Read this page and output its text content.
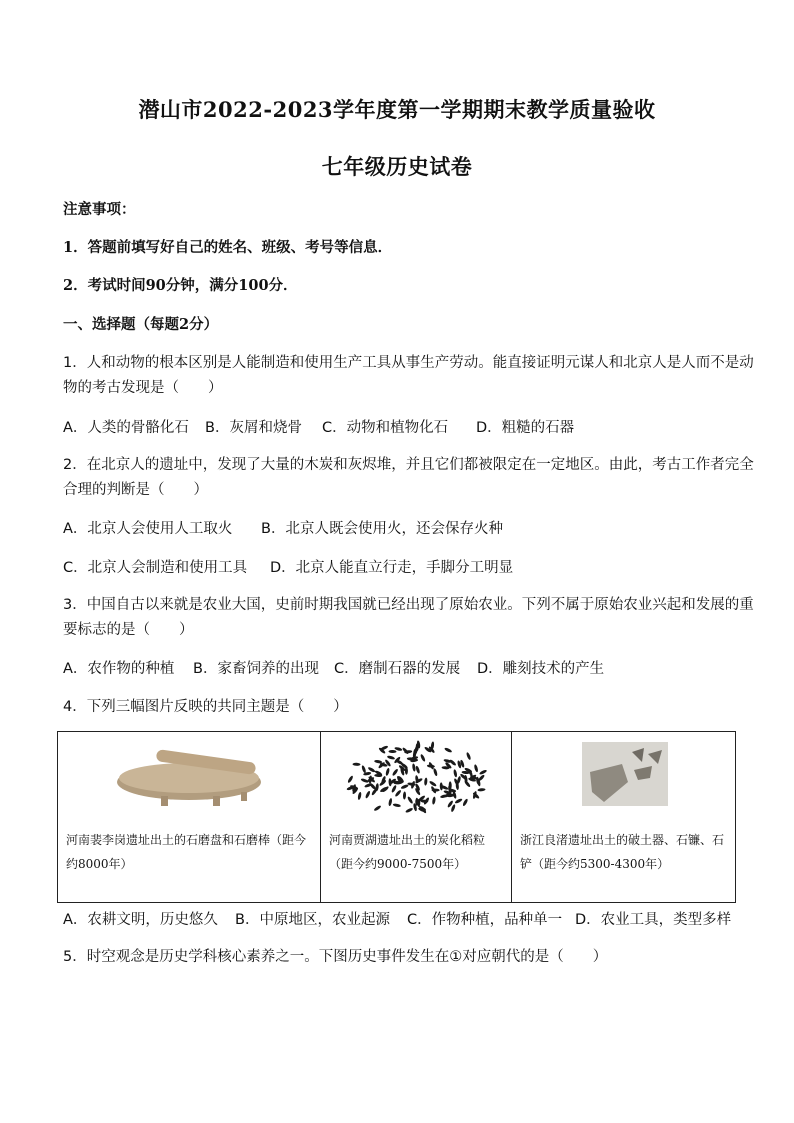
潜山市2022-2023学年度第一学期期末教学质量验收
七年级历史试卷
注意事项：
1．答题前填写好自己的姓名、班级、考号等信息．
2．考试时间90分钟，满分100分．
一、选择题（每题2分）
1．人和动物的根本区别是人能制造和使用生产工具从事生产劳动。能直接证明元谋人和北京人是人而不是动
物的考古发现是（　　）
A．人类的骨骼化石 B．灰屑和烧骨 C．动物和植物化石 D．粗糙的石器
2．在北京人的遗址中，发现了大量的木炭和灰烬堆，并且它们都被限定在一定地区。由此，考古工作者完全
合理的判断是（　　）
A．北京人会使用人工取火 B．北京人既会使用火，还会保存火种
C．北京人会制造和使用工具 D．北京人能直立行走，手脚分工明显
3．中国自古以来就是农业大国，史前时期我国就已经出现了原始农业。下列不属于原始农业兴起和发展的重
要标志的是（　　）
A．农作物的种植 B．家畜饲养的出现 C．磨制石器的发展 D．雕刻技术的产生
4．下列三幅图片反映的共同主题是（　　）
河南裴李岗遗址出土的石磨盘和石磨棒（距今约8000年）

河南贾湖遗址出土的炭化稻粒（距今约9000-7500年）

浙江良渚遗址出土的破土器、石镰、石铲（距今约5300-4300年）
A．农耕文明，历史悠久 B．中原地区，农业起源 C．作物种植，品种单一 D．农业工具，类型多样
5．时空观念是历史学科核心素养之一。下图历史事件发生在①对应朝代的是（　　）
